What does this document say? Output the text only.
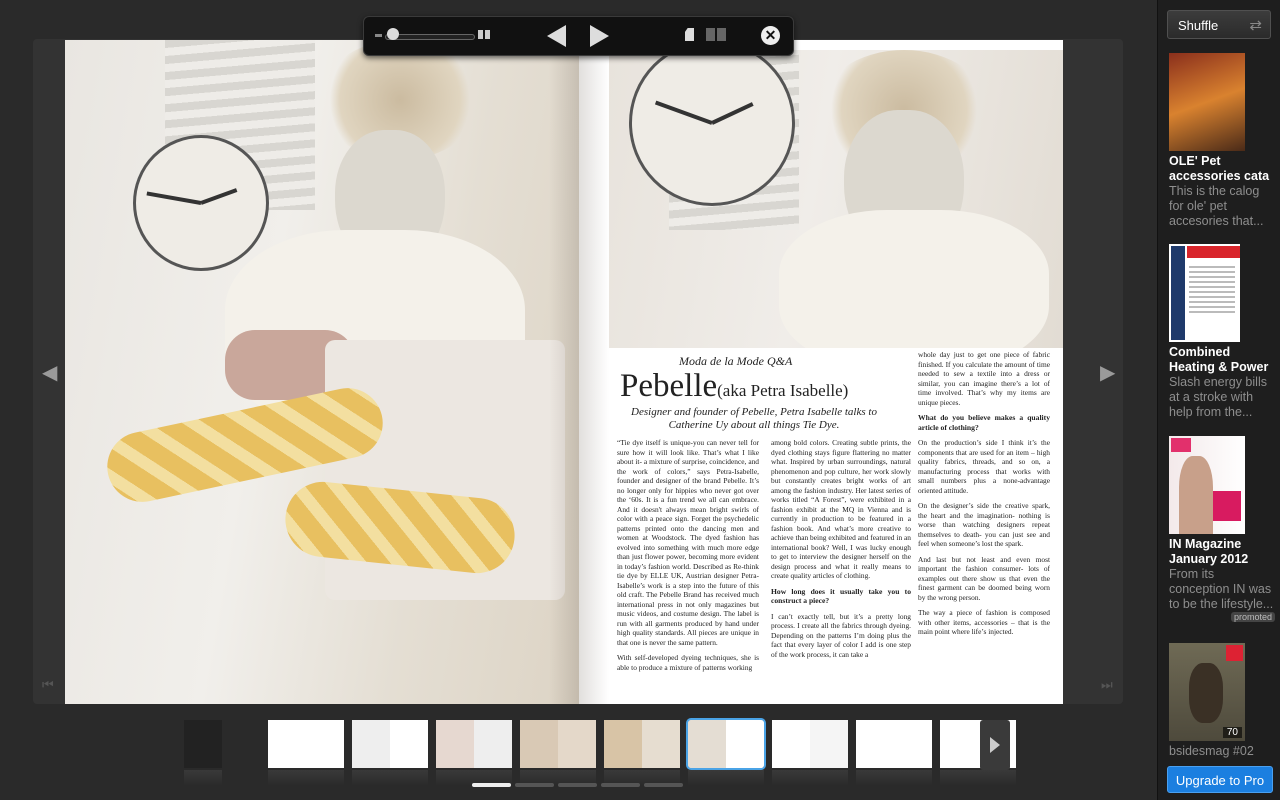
◀	▶
⏮	⏭
Moda de la Mode Q&A
Pebelle(aka Petra Isabelle)
Designer and founder of Pebelle, Petra Isabelle talks to Catherine Uy about all things Tie Dye.

“Tie dye itself is unique-you can never tell for sure how it will look like. That’s what I like about it- a mixture of surprise, coincidence, and the work of colors,” says Petra-Isabelle, founder and designer of the brand Pebelle. It’s no longer only for hippies who never got over the ‘60s. It is a fun trend we all can embrace. And it doesn't always mean bright swirls of color with a peace sign. Forget the psychedelic patterns printed onto the dancing men and women at Woodstock. The dyed fashion has evolved into something with much more edge than just flower power, becoming more evident in today’s fashion world. Described as Re-think tie dye by ELLE UK, Austrian designer Petra-Isabelle’s work is a step into the future of this old craft. The Pebelle Brand has received much international press in not only magazines but music videos, and costume design. The label is run with all garments produced by hand under high quality standards. All pieces are unique in that one is never the same pattern.

With self-developed dyeing techniques, she is able to produce a mixture of patterns working

among bold colors. Creating subtle prints, the dyed clothing stays figure flattering no matter what. Inspired by urban surroundings, natural phenomenon and pop culture, her work slowly but constantly creates bright works of art among the fashion industry. Her latest series of works titled “A Forest”, were exhibited in a fashion exhibit at the MQ in Vienna and is currently in production to be featured in a fashion book. And what’s more creative to achieve than being exhibited and featured in an international book? Well, I was lucky enough to get to interview the designer herself on the design process and what it really means to create quality articles of clothing.

How long does it usually take you to construct a piece?

I can’t exactly tell, but it’s a pretty long process. I create all the fabrics through dyeing. Depending on the patterns I’m doing plus the fact that every layer of color I add is one step of the work process, it can take a

whole day just to get one piece of fabric finished. If you calculate the amount of time needed to sew a textile into a dress or similar, you can imagine there’s a lot of time involved. That’s why my items are unique pieces.

What do you believe makes a quality article of clothing?

On the production’s side I think it’s the components that are used for an item – high quality fabrics, threads, and so on, a manufacturing process that works with small numbers plus a none-advantage oriented attitude.

On the designer’s side the creative spark, the heart and the imagination- nothing is worse than watching designers repeat themselves to death- you can just see and feel when someone’s lost the spark.

And last but not least and even most important the fashion consumer- lots of examples out there show us that even the finest garment can be doomed being worn by the wrong person.

The way a piece of fashion is composed with other items, accessories – that is the main point where life’s injected.

✕
Shuffle ⇄
OLE' Pet accessories cata
This is the calog for ole' pet accesories that...
Combined Heating & Power
Slash energy bills at a stroke with help from the...
IN Magazine January 2012
From its conception IN was to be the lifestyle...
promoted
70
bsidesmag #02
Upgrade to Pro
